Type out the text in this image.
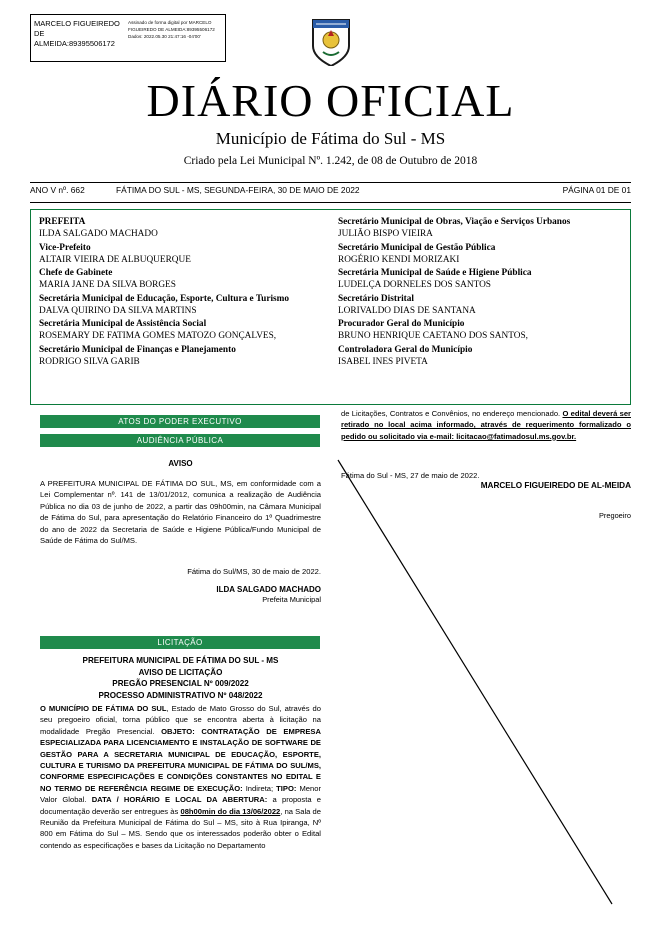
MARCELO FIGUEIREDO DE ALMEIDA:89395506172
Assinado de forma digital por MARCELO FIGUEIREDO DE ALMEIDA:89395506172 Dados: 2022.05.30 21:47:16 -04'00'
DIÁRIO OFICIAL
Município de Fátima do Sul - MS
Criado pela Lei Municipal Nº. 1.242, de 08 de Outubro de 2018
ANO V nº. 662	FÁTIMA DO SUL - MS, SEGUNDA-FEIRA, 30 DE MAIO DE 2022	PÁGINA 01 DE 01
PREFEITA
ILDA SALGADO MACHADO
Vice-Prefeito
ALTAIR VIEIRA DE ALBUQUERQUE
Chefe de Gabinete
MARIA JANE DA SILVA BORGES
Secretária Municipal de Educação, Esporte, Cultura e Turismo
DALVA QUIRINO DA SILVA MARTINS
Secretária Municipal de Assistência Social
ROSEMARY DE FATIMA GOMES MATOZO GONÇALVES,
Secretário Municipal de Finanças e Planejamento
RODRIGO SILVA GARIB
Secretário Municipal de Obras, Viação e Serviços Urbanos
JULIÃO BISPO VIEIRA
Secretário Municipal de Gestão Pública
ROGÉRIO KENDI MORIZAKI
Secretária Municipal de Saúde e Higiene Pública
LUDELÇA DORNELES DOS SANTOS
Secretário Distrital
LORIVALDO DIAS DE SANTANA
Procurador Geral do Município
BRUNO HENRIQUE CAETANO DOS SANTOS,
Controladora Geral do Município
ISABEL INES PIVETA
ATOS DO PODER EXECUTIVO
AUDIÊNCIA PÚBLICA
LICITAÇÃO
AVISO
A PREFEITURA MUNICIPAL DE FÁTIMA DO SUL, MS, em conformidade com a Lei Complementar nº. 141 de 13/01/2012, comunica a realização de Audiência Pública no dia 03 de junho de 2022, a partir das 09h00min, na Câmara Municipal de Fátima do Sul, para apresentação do Relatório Financeiro do 1º Quadrimestre do ano de 2022 da Secretaria de Saúde e Higiene Pública/Fundo Municipal de Saúde de Fátima do Sul/MS.
Fátima do Sul/MS, 30 de maio de 2022.
ILDA SALGADO MACHADO
Prefeita Municipal
PREFEITURA MUNICIPAL DE FÁTIMA DO SUL - MS
AVISO DE LICITAÇÃO
PREGÃO PRESENCIAL Nº 009/2022
PROCESSO ADMINISTRATIVO Nº 048/2022
O MUNICÍPIO DE FÁTIMA DO SUL, Estado de Mato Grosso do Sul, através do seu pregoeiro oficial, torna público que se encontra aberta à licitação na modalidade Pregão Presencial. OBJETO: CONTRATAÇÃO DE EMPRESA ESPECIALIZADA PARA LICENCIAMENTO E INSTALAÇÃO DE SOFTWARE DE GESTÃO PARA A SECRETARIA MUNICIPAL DE EDUCAÇÃO, ESPORTE, CULTURA E TURISMO DA PREFEITURA MUNICIPAL DE FÁTIMA DO SUL/MS, CONFORME ESPECIFICAÇÕES E CONDIÇÕES CONSTANTES NO EDITAL E NO TERMO DE REFERÊNCIA REGIME DE EXECUÇÃO: Indireta; TIPO: Menor Valor Global. DATA / HORÁRIO E LOCAL DA ABERTURA: a proposta e documentação deverão ser entregues às 08h00min do dia 13/06/2022, na Sala de Reunião da Prefeitura Municipal de Fátima do Sul – MS, sito à Rua Ipiranga, Nº 800 em Fátima do Sul – MS. Sendo que os interessados poderão obter o Edital contendo as especificações e bases da Licitação no Departamento
de Licitações, Contratos e Convênios, no endereço mencionado. O edital deverá ser retirado no local acima informado, através de requerimento formalizado o pedido ou solicitado via e-mail: licitacao@fatimadosul.ms.gov.br.
Fátima do Sul - MS, 27 de maio de 2022.
MARCELO FIGUEIREDO DE AL-MEIDA
Pregoeiro
